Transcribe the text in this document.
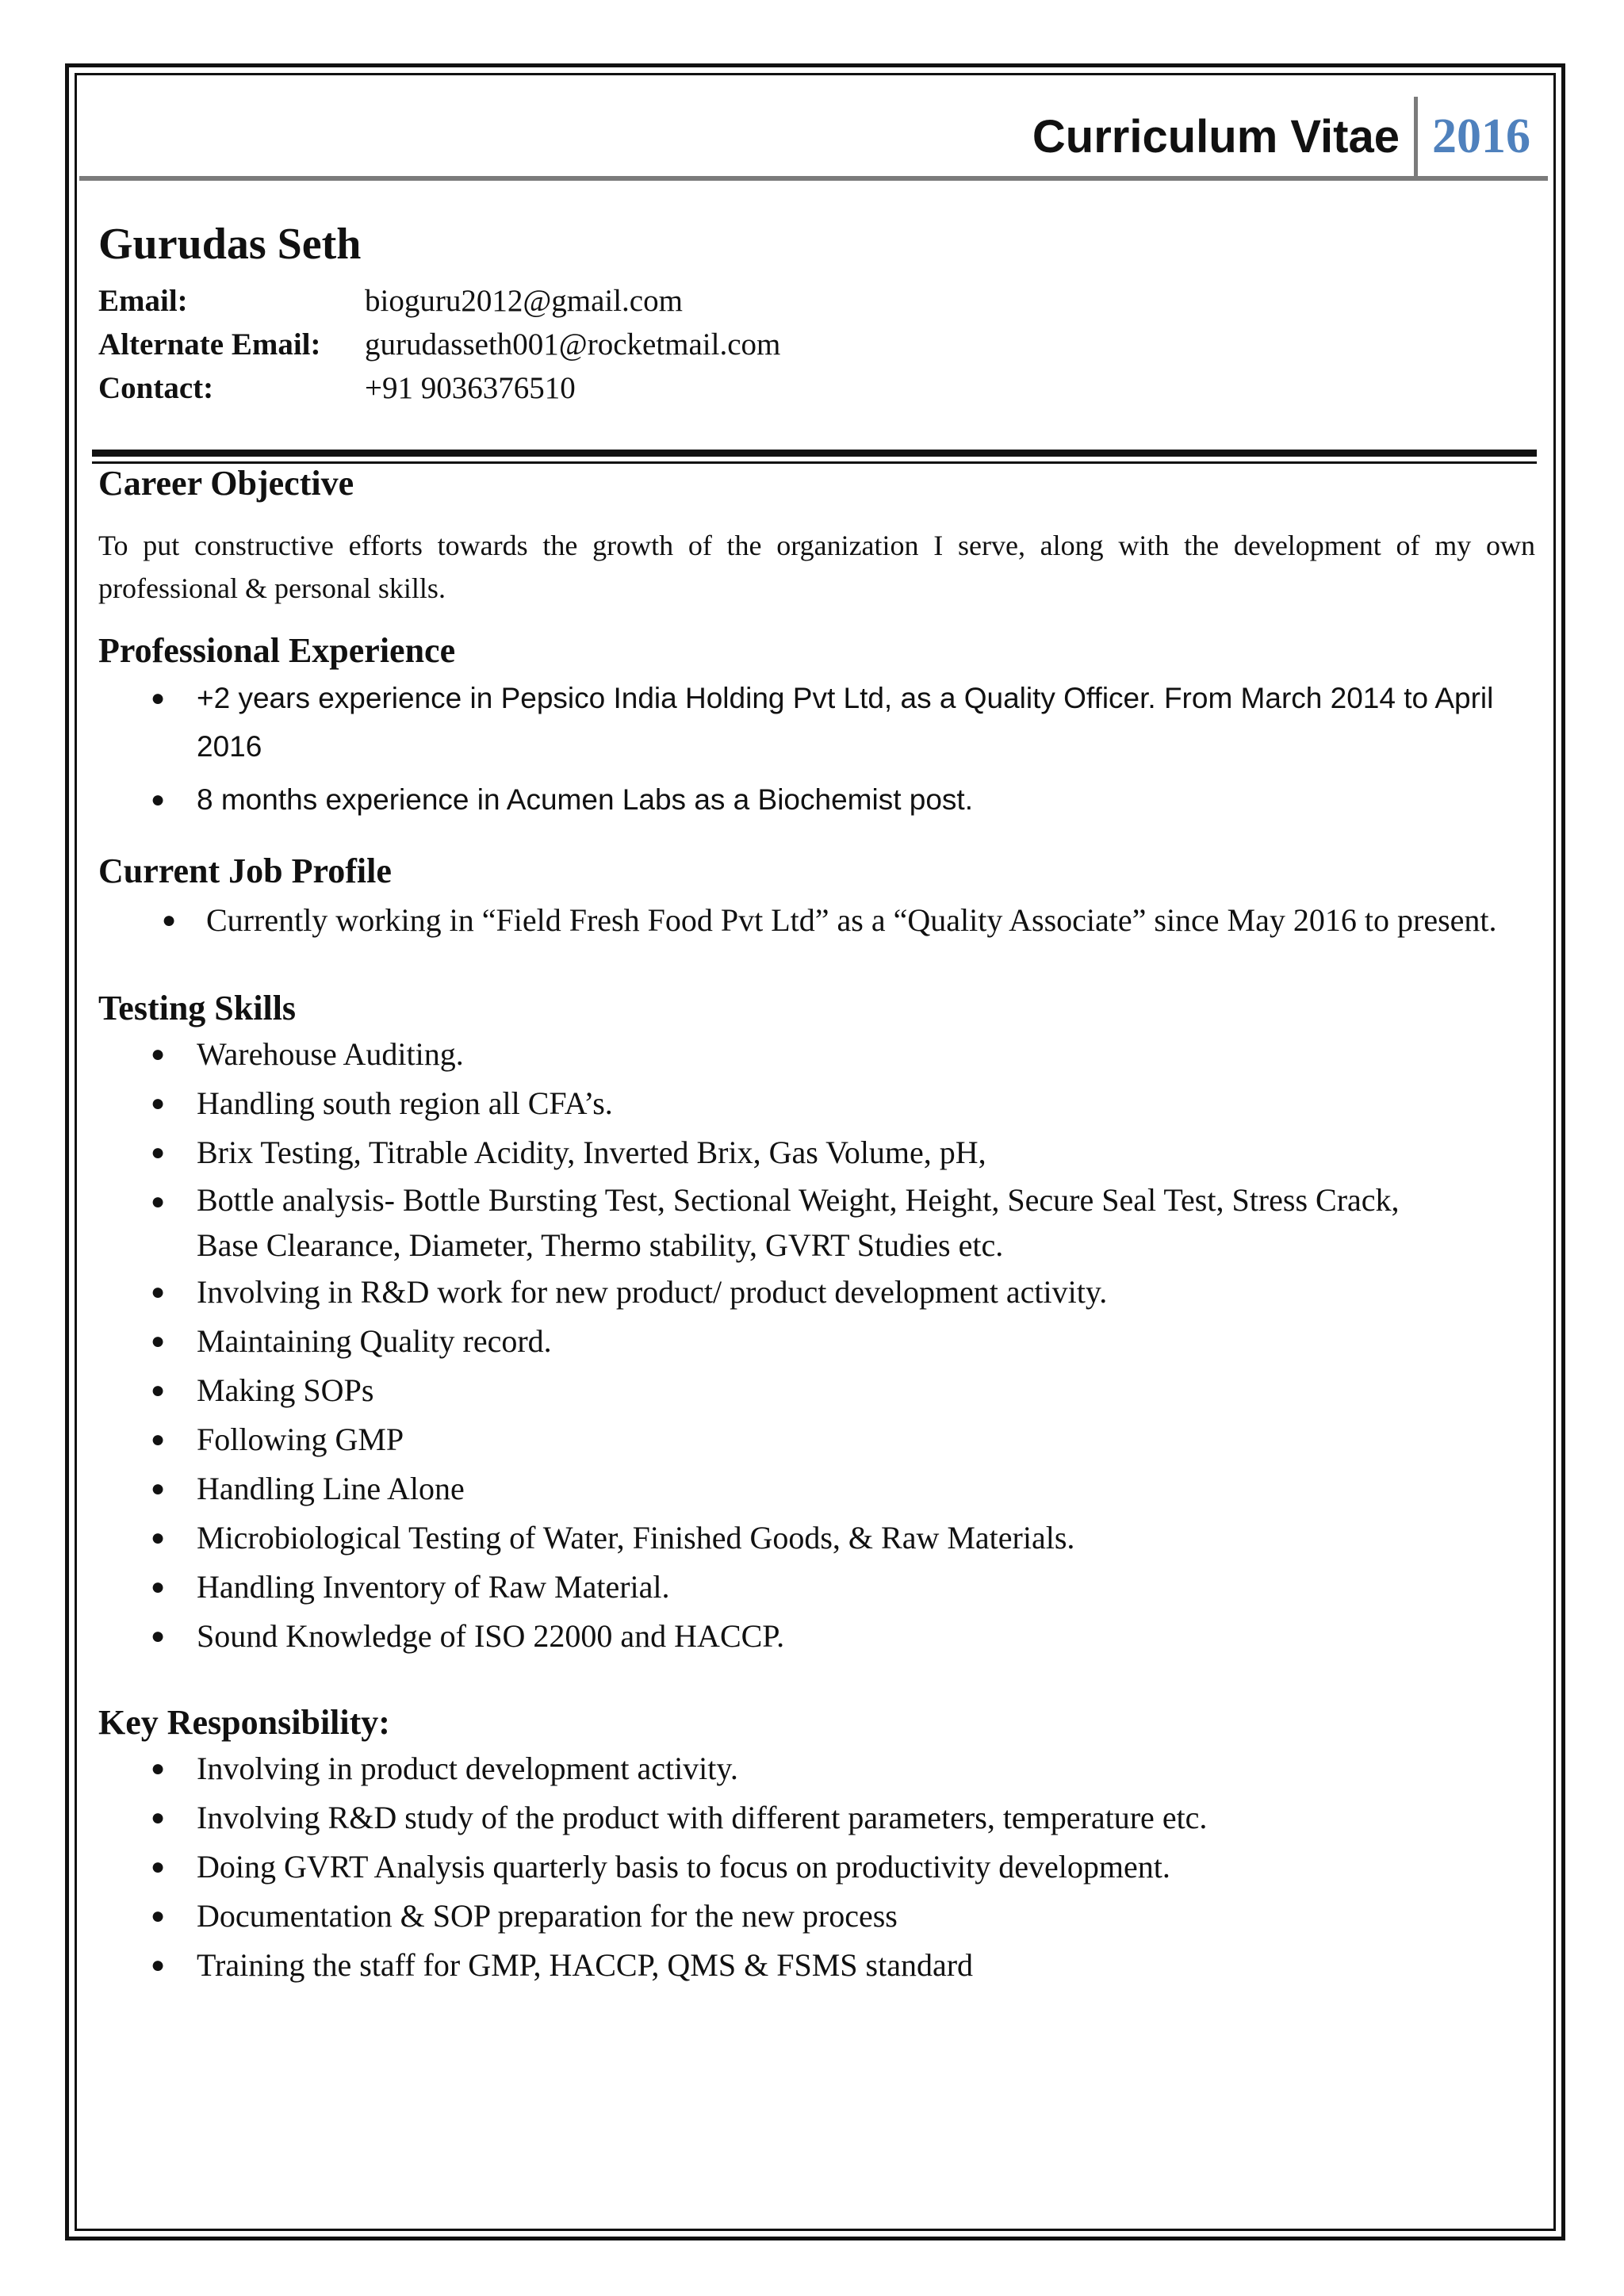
Curriculum Vitae 2016
Gurudas Seth
Email:	bioguru2012@gmail.com
Alternate Email:	gurudasseth001@rocketmail.com
Contact:	+91 9036376510
Career Objective

To put constructive efforts towards the growth of the organization I serve, along with the development of my own professional & personal skills.

Professional Experience
● +2 years experience in Pepsico India Holding Pvt Ltd, as a Quality Officer. From March 2014 to April 2016
● 8 months experience in Acumen Labs as a Biochemist post.
Current Job Profile
● Currently working in “Field Fresh Food Pvt Ltd” as a “Quality Associate” since May 2016 to present.
Testing Skills
● Warehouse Auditing.
● Handling south region all CFA’s.
● Brix Testing, Titrable Acidity, Inverted Brix, Gas Volume, pH,
● Bottle analysis- Bottle Bursting Test, Sectional Weight, Height, Secure Seal Test, Stress Crack, Base Clearance, Diameter, Thermo stability, GVRT Studies etc.
● Involving in R&D work for new product/ product development activity.
● Maintaining Quality record.
● Making SOPs
● Following GMP
● Handling Line Alone
● Microbiological Testing of Water, Finished Goods, & Raw Materials.
● Handling Inventory of Raw Material.
● Sound Knowledge of ISO 22000 and HACCP.
Key Responsibility:
● Involving in product development activity.
● Involving R&D study of the product with different parameters, temperature etc.
● Doing GVRT Analysis quarterly basis to focus on productivity development.
● Documentation & SOP preparation for the new process
● Training the staff for GMP, HACCP, QMS & FSMS standard
